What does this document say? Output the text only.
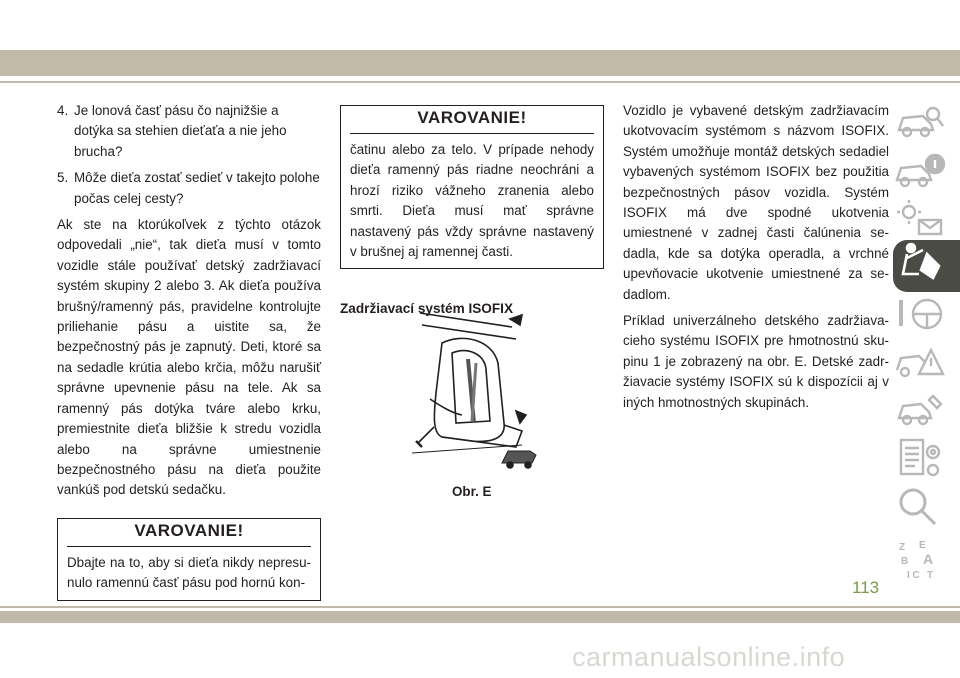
4. Je lonová časť pásu čo najnižšie a dotýka sa stehien dieťaťa a nie jeho brucha?
5. Môže dieťa zostať sedieť v takejto polohe počas celej cesty?

Ak ste na ktorúkoľvek z týchto otázok odpovedali „nie“, tak dieťa musí v tomto vozidle stále používať detský zadržiavací systém skupiny 2 alebo 3. Ak dieťa používa brušný/ramenný pás, pravidelne kontrolujte priliehanie pásu a uistite sa, že bezpečnostný pás je zapnutý. Deti, ktoré sa na sedadle krútia alebo krčia, môžu narušiť správne upevnenie pásu na tele. Ak sa ramenný pás dotýka tváre alebo krku, premiestnite dieťa bližšie k stredu vozidla alebo na správne umiestnenie bezpečnostného pásu na dieťa použite vankúš pod detskú sedačku.

VAROVANIE!
Dbajte na to, aby si dieťa nikdy nepresunulo ramennú časť pásu pod hornú kon-
VAROVANIE!
čatinu alebo za telo. V prípade nehody dieťa ramenný pás riadne neochráni a hrozí riziko vážneho zranenia alebo smrti. Dieťa musí mať správne nastavený pás vždy správne nastavený v brušnej aj ramennej časti.
Zadržiavací systém ISOFIX
Obr. E

Vozidlo je vybavené detským zadržiavacím ukotvovacím systémom s názvom ISOFIX. Systém umožňuje montáž detských sedadiel vybavených systémom ISOFIX bez použitia bezpečnostných pásov vozidla. Systém ISOFIX má dve spodné ukotvenia umiestnené v zadnej časti čalúnenia sedadla, kde sa dotýka operadla, a vrchné upevňovacie ukotvenie umiestnené za sedadlom.

Príklad univerzálneho detského zadržiavacieho systému ISOFIX pre hmotnostnú skupinu 1 je zobrazený na obr. E. Detské zadržiavacie systémy ISOFIX sú k dispozícii aj v iných hmotnostných skupinách.

Z E
B A
I C T
113
carmanualsonline.info
